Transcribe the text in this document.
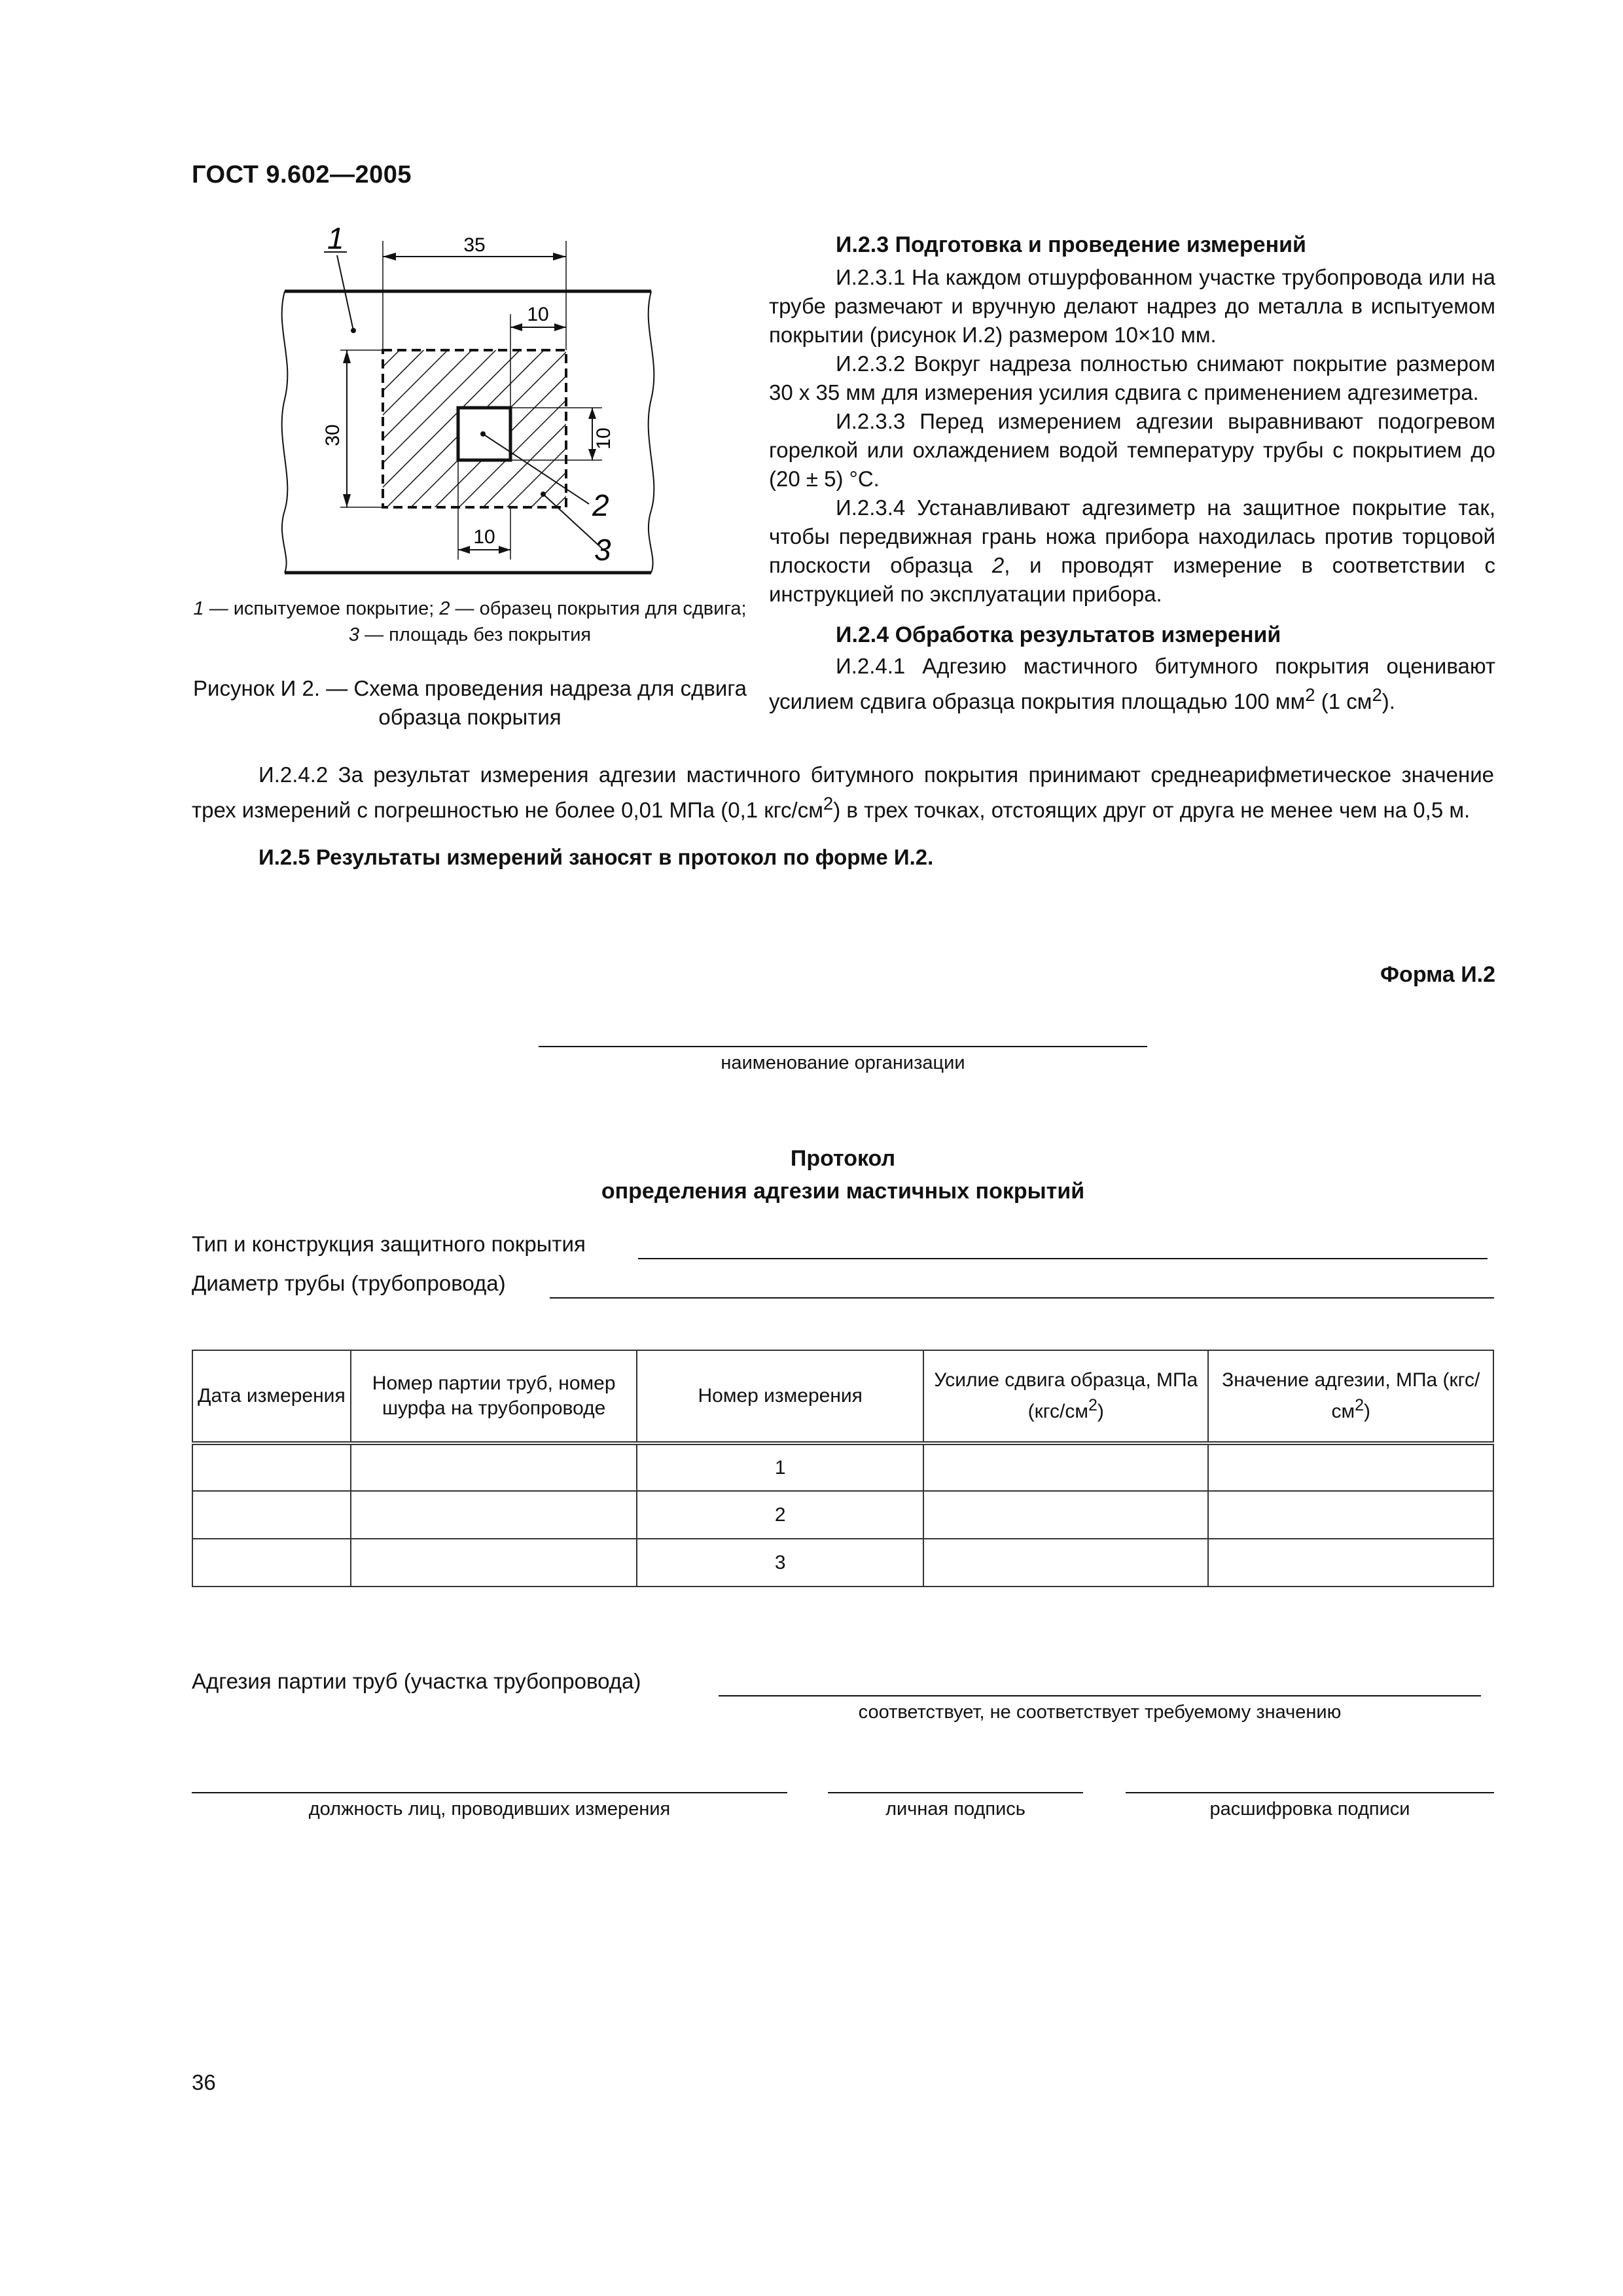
ГОСТ 9.602—2005
35
10
30	10
10
1
2
3
1 — испытуемое покрытие; 2 — образец покрытия для сдвига; 3 — площадь без покрытия
Рисунок И 2. — Схема проведения надреза для сдвига образца покрытия

И.2.3 Подготовка и проведение измерений

И.2.3.1 На каждом отшурфованном участке трубопровода или на трубе размечают и вручную делают надрез до металла в испытуемом покрытии (рисунок И.2) размером 10×10 мм.

И.2.3.2 Вокруг надреза полностью снимают покрытие размером 30 х 35 мм для измерения усилия сдвига с применением адгезиметра.

И.2.3.3 Перед измерением адгезии выравнивают подогревом горелкой или охлаждением водой температуру трубы с покрытием до (20 ± 5) °С.

И.2.3.4 Устанавливают адгезиметр на защитное покрытие так, чтобы передвижная грань ножа прибора находилась против торцовой плоскости образца 2, и проводят измерение в соответствии с инструкцией по эксплуатации прибора.

И.2.4 Обработка результатов измерений

И.2.4.1 Адгезию мастичного битумного покрытия оценивают усилием сдвига образца покрытия площадью 100 $мм^2$ (1 $см^2$).

И.2.4.2 За результат измерения адгезии мастичного битумного покрытия принимают среднеарифметическое значение трех измерений с погрешностью не более 0,01 МПа (0,1 кгс/$см^2$) в трех точках, отстоящих друг от друга не менее чем на 0,5 м.

И.2.5 Результаты измерений заносят в протокол по форме И.2.

Форма И.2
наименование организации
Протокол
определения адгезии мастичных покрытий
Тип и конструкция защитного покрытия
Диаметр трубы (трубопровода)
Дата измерения	Номер партии труб, номер шурфа на трубопроводе	Номер измерения	Усилие сдвига образца, МПа $(кгс/см^2)$	Значение адгезии, МПа $(кгс/см^2)$
		1		
		2		
		3		
Адгезия партии труб (участка трубопровода)
соответствует, не соответствует требуемому значению
должность лиц, проводивших измерения	личная подпись	расшифровка подписи
36
